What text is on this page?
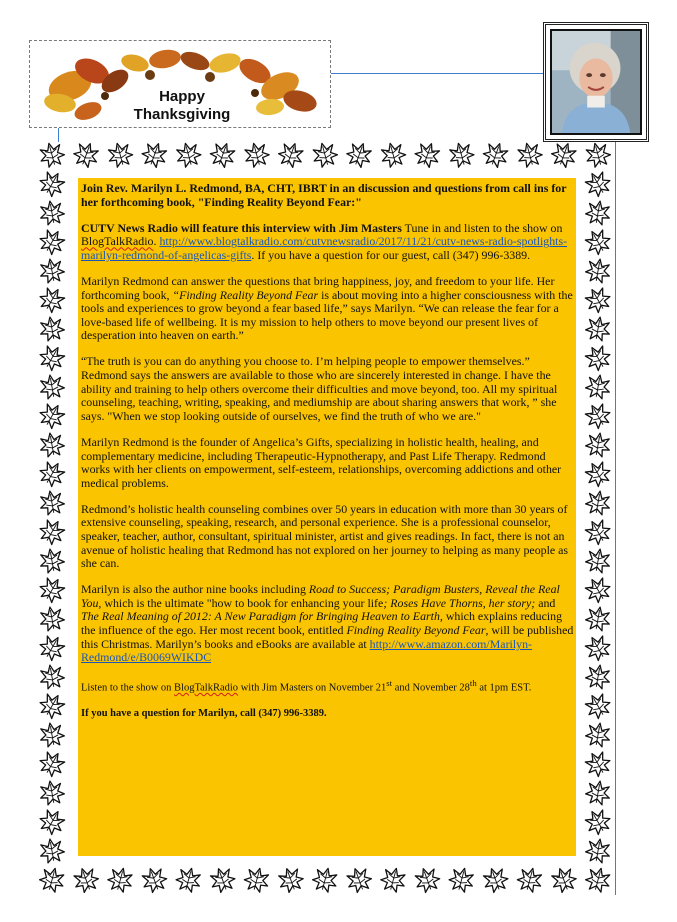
Happy
Thanksgiving

Join Rev. Marilyn L. Redmond, BA, CHT, IBRT in an discussion and questions from call ins for her forthcoming book, "Finding Reality Beyond Fear:"

CUTV News Radio will feature this interview with Jim Masters Tune in and listen to the show on BlogTalkRadio. http://www.blogtalkradio.com/cutvnewsradio/2017/11/21/cutv-news-radio-spotlights-marilyn-redmond-of-angelicas-gifts. If you have a question for our guest, call (347) 996-3389.

Marilyn Redmond can answer the questions that bring happiness, joy, and freedom to your life. Her forthcoming book, “Finding Reality Beyond Fear is about moving into a higher consciousness with the tools and experiences to grow beyond a fear based life,” says Marilyn. “We can release the fear for a love-based life of wellbeing. It is my mission to help others to move beyond our present lives of desperation into heaven on earth.”

“The truth is you can do anything you choose to. I’m helping people to empower themselves.” Redmond says the answers are available to those who are sincerely interested in change. I have the ability and training to help others overcome their difficulties and move beyond, too. All my spiritual counseling, teaching, writing, speaking, and mediumship are about sharing answers that work, ” she says. "When we stop looking outside of ourselves, we find the truth of who we are."

Marilyn Redmond is the founder of Angelica’s Gifts, specializing in holistic health, healing, and complementary medicine, including Therapeutic-Hypnotherapy, and Past Life Therapy. Redmond works with her clients on empowerment, self-esteem, relationships, overcoming addictions and other medical problems.

Redmond’s holistic health counseling combines over 50 years in education with more than 30 years of extensive counseling, speaking, research, and personal experience. She is a professional counselor, speaker, teacher, author, consultant, spiritual minister, artist and gives readings. In fact, there is not an avenue of holistic healing that Redmond has not explored on her journey to helping as many people as she can.

Marilyn is also the author nine books including Road to Success; Paradigm Busters, Reveal the Real You, which is the ultimate "how to book for enhancing your life; Roses Have Thorns, her story; and The Real Meaning of 2012: A New Paradigm for Bringing Heaven to Earth, which explains reducing the influence of the ego. Her most recent book, entitled Finding Reality Beyond Fear, will be published this Christmas. Marilyn’s books and eBooks are available at http://www.amazon.com/Marilyn-Redmond/e/B0069WIKDC

Listen to the show on BlogTalkRadio with Jim Masters on November 21st and November 28th at 1pm EST.

If you have a question for Marilyn, call (347) 996-3389.
